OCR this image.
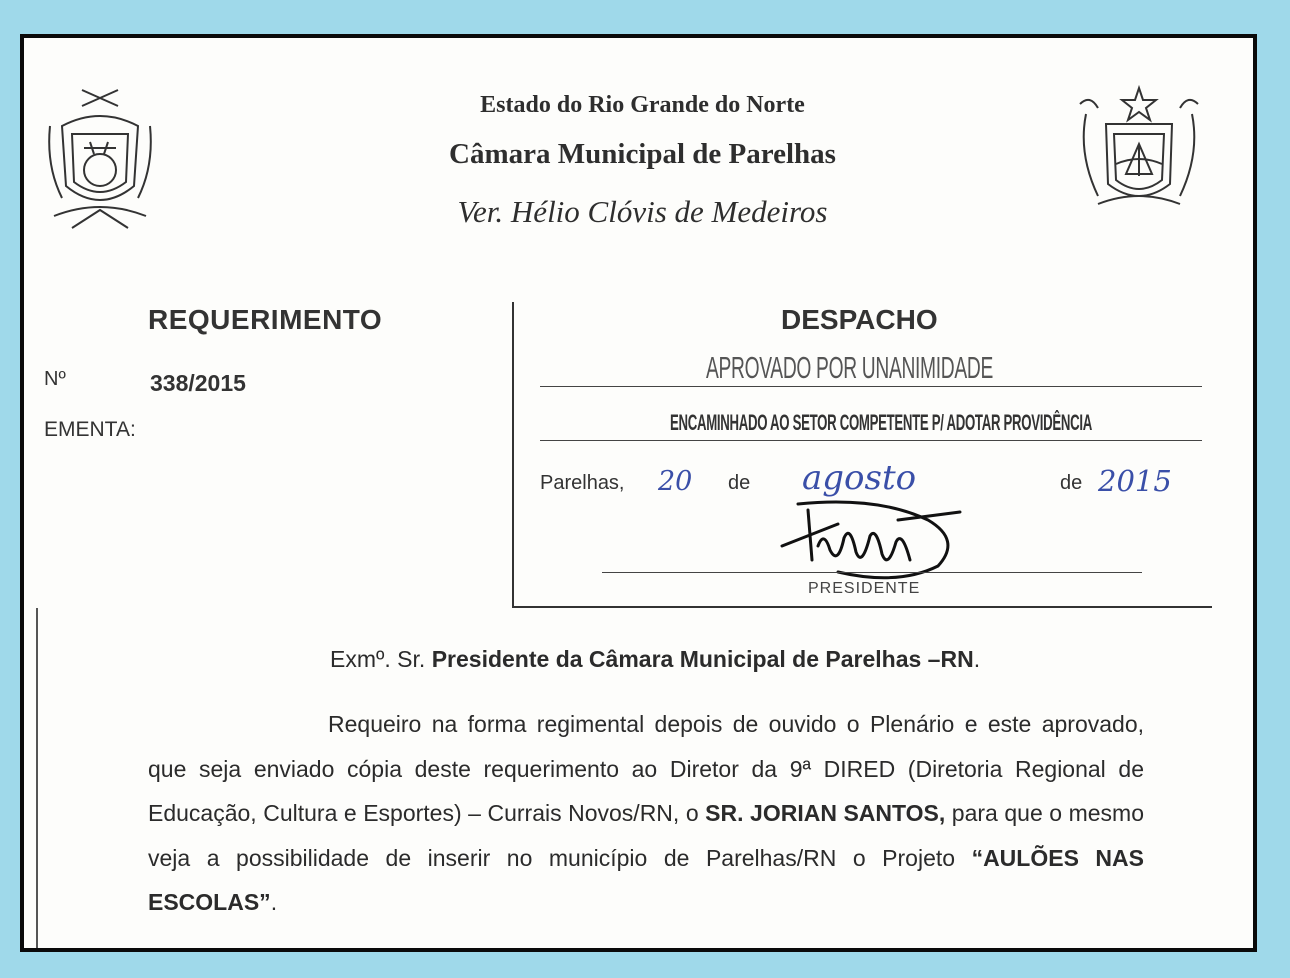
Estado do Rio Grande do Norte
Câmara Municipal de Parelhas
Ver. Hélio Clóvis de Medeiros
REQUERIMENTO
Nº	338/2015
EMENTA:
DESPACHO
APROVADO POR UNANIMIDADE
ENCAMINHADO AO SETOR COMPETENTE P/ ADOTAR PROVIDÊNCIA
Parelhas, 20 de agosto	de 2015
PRESIDENTE
Exmº. Sr. Presidente da Câmara Municipal de Parelhas –RN.
Requeiro na forma regimental depois de ouvido o Plenário e este aprovado, que seja enviado cópia deste requerimento ao Diretor da 9ª DIRED (Diretoria Regional de Educação, Cultura e Esportes) – Currais Novos/RN, o SR. JORIAN SANTOS, para que o mesmo veja a possibilidade de inserir no município de Parelhas/RN o Projeto “AULÕES NAS ESCOLAS”.
